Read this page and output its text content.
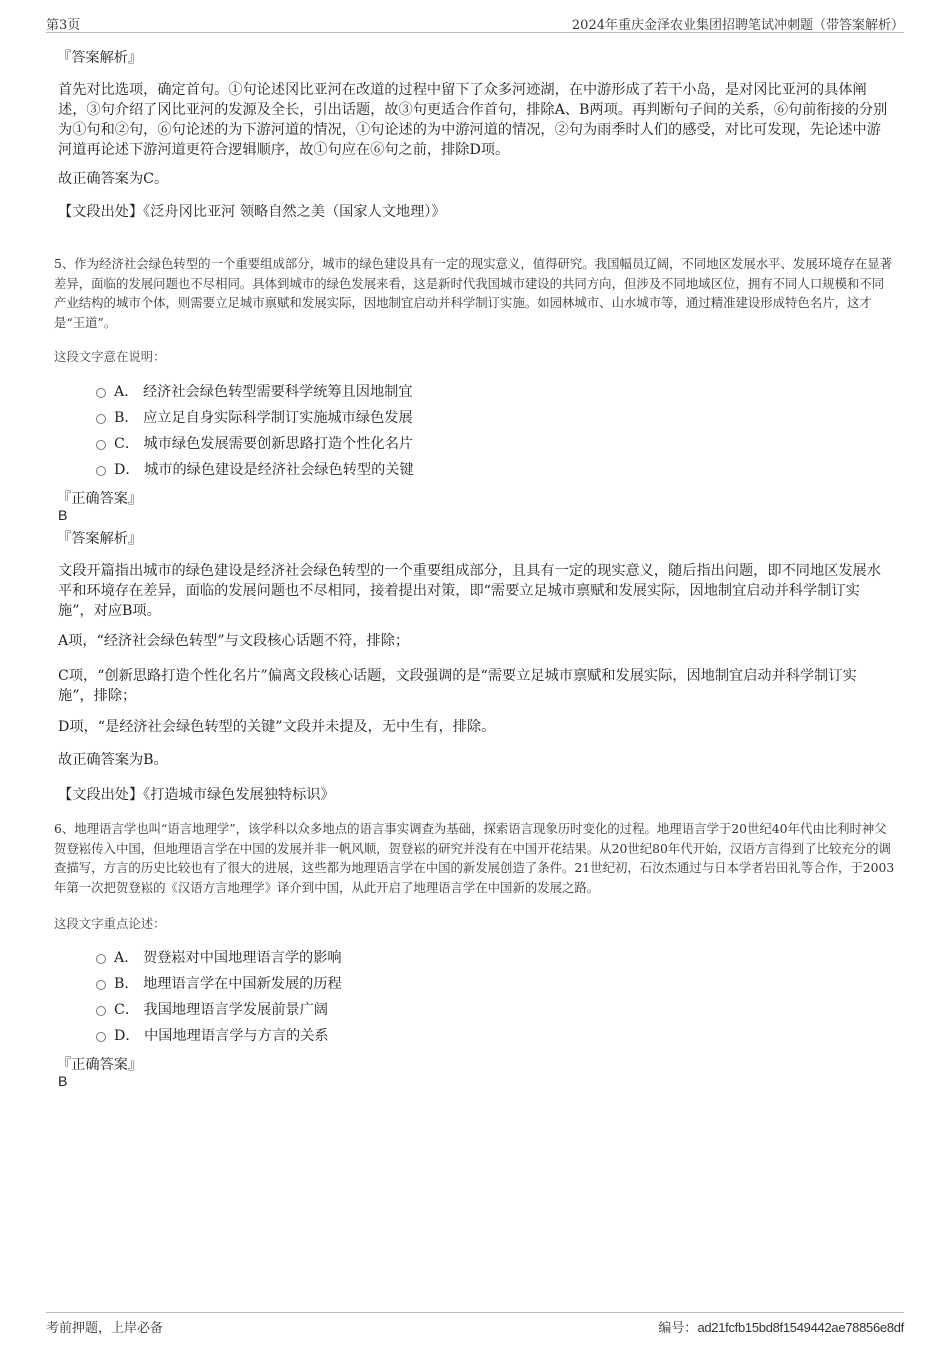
第3页	2024年重庆金泽农业集团招聘笔试冲刺题（带答案解析）
『答案解析』

首先对比选项，确定首句。①句论述冈比亚河在改道的过程中留下了众多河迹湖，在中游形成了若干小岛，是对冈比亚河的具体阐述，③句介绍了冈比亚河的发源及全长，引出话题，故③句更适合作首句，排除A、B两项。再判断句子间的关系，⑥句前衔接的分别为①句和②句，⑥句论述的为下游河道的情况，①句论述的为中游河道的情况，②句为雨季时人们的感受，对比可发现，先论述中游河道再论述下游河道更符合逻辑顺序，故①句应在⑥句之前，排除D项。

故正确答案为C。

【文段出处】《泛舟冈比亚河 领略自然之美（国家人文地理）》

5、作为经济社会绿色转型的一个重要组成部分，城市的绿色建设具有一定的现实意义，值得研究。我国幅员辽阔，不同地区发展水平、发展环境存在显著差异，面临的发展问题也不尽相同。具体到城市的绿色发展来看，这是新时代我国城市建设的共同方向，但涉及不同地域区位，拥有不同人口规模和不同产业结构的城市个体，则需要立足城市禀赋和发展实际，因地制宜启动并科学制订实施。如园林城市、山水城市等，通过精准建设形成特色名片，这才是“王道”。

这段文字意在说明：
A． 经济社会绿色转型需要科学统筹且因地制宜
B． 应立足自身实际科学制订实施城市绿色发展
C． 城市绿色发展需要创新思路打造个性化名片
D． 城市的绿色建设是经济社会绿色转型的关键
『正确答案』
B
『答案解析』

文段开篇指出城市的绿色建设是经济社会绿色转型的一个重要组成部分，且具有一定的现实意义，随后指出问题，即不同地区发展水平和环境存在差异，面临的发展问题也不尽相同，接着提出对策，即“需要立足城市禀赋和发展实际，因地制宜启动并科学制订实施”，对应B项。

A项，“经济社会绿色转型”与文段核心话题不符，排除；

C项，“创新思路打造个性化名片”偏离文段核心话题，文段强调的是“需要立足城市禀赋和发展实际，因地制宜启动并科学制订实施”，排除；

D项，“是经济社会绿色转型的关键”文段并未提及，无中生有，排除。

故正确答案为B。

【文段出处】《打造城市绿色发展独特标识》

6、地理语言学也叫“语言地理学”，该学科以众多地点的语言事实调查为基础，探索语言现象历时变化的过程。地理语言学于20世纪40年代由比利时神父贺登崧传入中国，但地理语言学在中国的发展并非一帆风顺，贺登崧的研究并没有在中国开花结果。从20世纪80年代开始，汉语方言得到了比较充分的调查描写，方言的历史比较也有了很大的进展，这些都为地理语言学在中国的新发展创造了条件。21世纪初，石汝杰通过与日本学者岩田礼等合作，于2003年第一次把贺登崧的《汉语方言地理学》译介到中国，从此开启了地理语言学在中国新的发展之路。

这段文字重点论述：
A． 贺登崧对中国地理语言学的影响
B． 地理语言学在中国新发展的历程
C． 我国地理语言学发展前景广阔
D． 中国地理语言学与方言的关系
『正确答案』
B
考前押题，上岸必备	编号：ad21fcfb15bd8f1549442ae78856e8df
